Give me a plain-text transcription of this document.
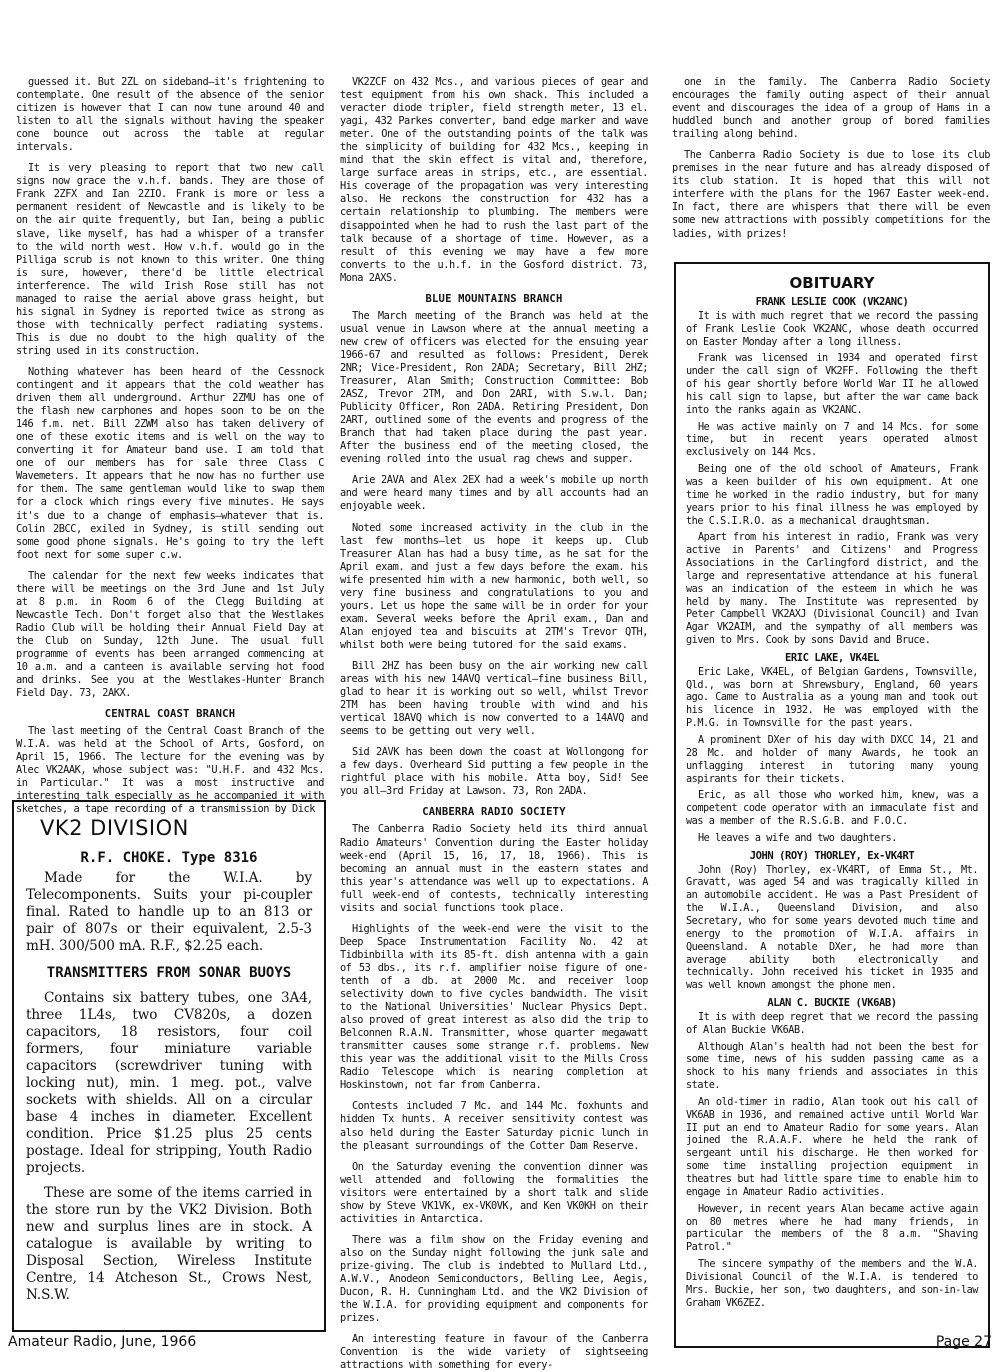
guessed it. But 2ZL on sideband—it's frightening to contemplate. One result of the absence of the senior citizen is however that I can now tune around 40 and listen to all the signals without having the speaker cone bounce out across the table at regular intervals.

It is very pleasing to report that two new call signs now grace the v.h.f. bands. They are those of Frank 2ZFX and Ian 2ZIO. Frank is more or less a permanent resident of Newcastle and is likely to be on the air quite frequently, but Ian, being a public slave, like myself, has had a whisper of a transfer to the wild north west. How v.h.f. would go in the Pilliga scrub is not known to this writer. One thing is sure, however, there'd be little electrical interference. The wild Irish Rose still has not managed to raise the aerial above grass height, but his signal in Sydney is reported twice as strong as those with technically perfect radiating systems. This is due no doubt to the high quality of the string used in its construction.

Nothing whatever has been heard of the Cessnock contingent and it appears that the cold weather has driven them all underground. Arthur 2ZMU has one of the flash new carphones and hopes soon to be on the 146 f.m. net. Bill 2ZWM also has taken delivery of one of these exotic items and is well on the way to converting it for Amateur band use. I am told that one of our members has for sale three Class C Wavemeters. It appears that he now has no further use for them. The same gentleman would like to swap them for a clock which rings every five minutes. He says it's due to a change of emphasis—whatever that is. Colin 2BCC, exiled in Sydney, is still sending out some good phone signals. He's going to try the left foot next for some super c.w.

The calendar for the next few weeks indicates that there will be meetings on the 3rd June and 1st July at 8 p.m. in Room 6 of the Clegg Building at Newcastle Tech. Don't forget also that the Westlakes Radio Club will be holding their Annual Field Day at the Club on Sunday, 12th June. The usual full programme of events has been arranged commencing at 10 a.m. and a canteen is available serving hot food and drinks. See you at the Westlakes-Hunter Branch Field Day. 73, 2AKX.

CENTRAL COAST BRANCH

The last meeting of the Central Coast Branch of the W.I.A. was held at the School of Arts, Gosford, on April 15, 1966. The lecture for the evening was by Alec VK2AAK, whose subject was: "U.H.F. and 432 Mcs. in Particular." It was a most instructive and interesting talk especially as he accompanied it with sketches, a tape recording of a transmission by Dick

VK2ZCF on 432 Mcs., and various pieces of gear and test equipment from his own shack. This included a veracter diode tripler, field strength meter, 13 el. yagi, 432 Parkes converter, band edge marker and wave meter. One of the outstanding points of the talk was the simplicity of building for 432 Mcs., keeping in mind that the skin effect is vital and, therefore, large surface areas in strips, etc., are essential. His coverage of the propagation was very interesting also. He reckons the construction for 432 has a certain relationship to plumbing. The members were disappointed when he had to rush the last part of the talk because of a shortage of time. However, as a result of this evening we may have a few more converts to the u.h.f. in the Gosford district. 73, Mona 2AXS.

BLUE MOUNTAINS BRANCH

The March meeting of the Branch was held at the usual venue in Lawson where at the annual meeting a new crew of officers was elected for the ensuing year 1966-67 and resulted as follows: President, Derek 2NR; Vice-President, Ron 2ADA; Secretary, Bill 2HZ; Treasurer, Alan Smith; Construction Committee: Bob 2ASZ, Trevor 2TM, and Don 2ARI, with S.w.l. Dan; Publicity Officer, Ron 2ADA. Retiring President, Don 2ART, outlined some of the events and progress of the Branch that had taken place during the past year. After the business end of the meeting closed, the evening rolled into the usual rag chews and supper.

Arie 2AVA and Alex 2EX had a week's mobile up north and were heard many times and by all accounts had an enjoyable week.

Noted some increased activity in the club in the last few months—let us hope it keeps up. Club Treasurer Alan has had a busy time, as he sat for the April exam. and just a few days before the exam. his wife presented him with a new harmonic, both well, so very fine business and congratulations to you and yours. Let us hope the same will be in order for your exam. Several weeks before the April exam., Dan and Alan enjoyed tea and biscuits at 2TM's Trevor QTH, whilst both were being tutored for the said exams.

Bill 2HZ has been busy on the air working new call areas with his new 14AVQ vertical—fine business Bill, glad to hear it is working out so well, whilst Trevor 2TM has been having trouble with wind and his vertical 18AVQ which is now converted to a 14AVQ and seems to be getting out very well.

Sid 2AVK has been down the coast at Wollongong for a few days. Overheard Sid putting a few people in the rightful place with his mobile. Atta boy, Sid! See you all—3rd Friday at Lawson. 73, Ron 2ADA.

CANBERRA RADIO SOCIETY

The Canberra Radio Society held its third annual Radio Amateurs' Convention during the Easter holiday week-end (April 15, 16, 17, 18, 1966). This is becoming an annual must in the eastern states and this year's attendance was well up to expectations. A full week-end of contests, technically interesting visits and social functions took place.

Highlights of the week-end were the visit to the Deep Space Instrumentation Facility No. 42 at Tidbinbilla with its 85-ft. dish antenna with a gain of 53 dbs., its r.f. amplifier noise figure of one-tenth of a db. at 2000 Mc. and receiver loop selectivity down to five cycles bandwidth. The visit to the National Universities' Nuclear Physics Dept. also proved of great interest as also did the trip to Belconnen R.A.N. Transmitter, whose quarter megawatt transmitter causes some strange r.f. problems. New this year was the additional visit to the Mills Cross Radio Telescope which is nearing completion at Hoskinstown, not far from Canberra.

Contests included 7 Mc. and 144 Mc. foxhunts and hidden Tx hunts. A receiver sensitivity contest was also held during the Easter Saturday picnic lunch in the pleasant surroundings of the Cotter Dam Reserve.

On the Saturday evening the convention dinner was well attended and following the formalities the visitors were entertained by a short talk and slide show by Steve VK1VK, ex-VK0VK, and Ken VK0KH on their activities in Antarctica.

There was a film show on the Friday evening and also on the Sunday night following the junk sale and prize-giving. The club is indebted to Mullard Ltd., A.W.V., Anodeon Semiconductors, Belling Lee, Aegis, Ducon, R. H. Cunningham Ltd. and the VK2 Division of the W.I.A. for providing equipment and components for prizes.

An interesting feature in favour of the Canberra Convention is the wide variety of sightseeing attractions with something for every-

one in the family. The Canberra Radio Society encourages the family outing aspect of their annual event and discourages the idea of a group of Hams in a huddled bunch and another group of bored families trailing along behind.

The Canberra Radio Society is due to lose its club premises in the near future and has already disposed of its club station. It is hoped that this will not interfere with the plans for the 1967 Easter week-end. In fact, there are whispers that there will be even some new attractions with possibly competitions for the ladies, with prizes!

VK2 DIVISION
R.F. CHOKE. Type 8316

Made for the W.I.A. by Telecomponents. Suits your pi-coupler final. Rated to handle up to an 813 or pair of 807s or their equivalent, 2.5-3 mH. 300/500 mA. R.F., $2.25 each.

TRANSMITTERS FROM SONAR BUOYS

Contains six battery tubes, one 3A4, three 1L4s, two CV820s, a dozen capacitors, 18 resistors, four coil formers, four miniature variable capacitors (screwdriver tuning with locking nut), min. 1 meg. pot., valve sockets with shields. All on a circular base 4 inches in diameter. Excellent condition. Price $1.25 plus 25 cents postage. Ideal for stripping, Youth Radio projects.

These are some of the items carried in the store run by the VK2 Division. Both new and surplus lines are in stock. A catalogue is available by writing to Disposal Section, Wireless Institute Centre, 14 Atcheson St., Crows Nest, N.S.W.

OBITUARY
FRANK LESLIE COOK (VK2ANC)

It is with much regret that we record the passing of Frank Leslie Cook VK2ANC, whose death occurred on Easter Monday after a long illness.

Frank was licensed in 1934 and operated first under the call sign of VK2FF. Following the theft of his gear shortly before World War II he allowed his call sign to lapse, but after the war came back into the ranks again as VK2ANC.

He was active mainly on 7 and 14 Mcs. for some time, but in recent years operated almost exclusively on 144 Mcs.

Being one of the old school of Amateurs, Frank was a keen builder of his own equipment. At one time he worked in the radio industry, but for many years prior to his final illness he was employed by the C.S.I.R.O. as a mechanical draughtsman.

Apart from his interest in radio, Frank was very active in Parents' and Citizens' and Progress Associations in the Carlingford district, and the large and representative attendance at his funeral was an indication of the esteem in which he was held by many. The Institute was represented by Peter Campbell VK2AXJ (Divisional Council) and Ivan Agar VK2AIM, and the sympathy of all members was given to Mrs. Cook by sons David and Bruce.

ERIC LAKE, VK4EL

Eric Lake, VK4EL, of Belgian Gardens, Townsville, Qld., was born at Shrewsbury, England, 60 years ago. Came to Australia as a young man and took out his licence in 1932. He was employed with the P.M.G. in Townsville for the past years.

A prominent DXer of his day with DXCC 14, 21 and 28 Mc. and holder of many Awards, he took an unflagging interest in tutoring many young aspirants for their tickets.

Eric, as all those who worked him, knew, was a competent code operator with an immaculate fist and was a member of the R.S.G.B. and F.O.C.

He leaves a wife and two daughters.

JOHN (ROY) THORLEY, Ex-VK4RT

John (Roy) Thorley, ex-VK4RT, of Emma St., Mt. Gravatt, was aged 54 and was tragically killed in an automobile accident. He was a Past President of the W.I.A., Queensland Division, and also Secretary, who for some years devoted much time and energy to the promotion of W.I.A. affairs in Queensland. A notable DXer, he had more than average ability both electronically and technically. John received his ticket in 1935 and was well known amongst the phone men.

ALAN C. BUCKIE (VK6AB)

It is with deep regret that we record the passing of Alan Buckie VK6AB.

Although Alan's health had not been the best for some time, news of his sudden passing came as a shock to his many friends and associates in this state.

An old-timer in radio, Alan took out his call of VK6AB in 1936, and remained active until World War II put an end to Amateur Radio for some years. Alan joined the R.A.A.F. where he held the rank of sergeant until his discharge. He then worked for some time installing projection equipment in theatres but had little spare time to enable him to engage in Amateur Radio activities.

However, in recent years Alan became active again on 80 metres where he had many friends, in particular the members of the 8 a.m. "Shaving Patrol."

The sincere sympathy of the members and the W.A. Divisional Council of the W.I.A. is tendered to Mrs. Buckie, her son, two daughters, and son-in-law Graham VK6ZEZ.

Amateur Radio, June, 1966	Page 27
